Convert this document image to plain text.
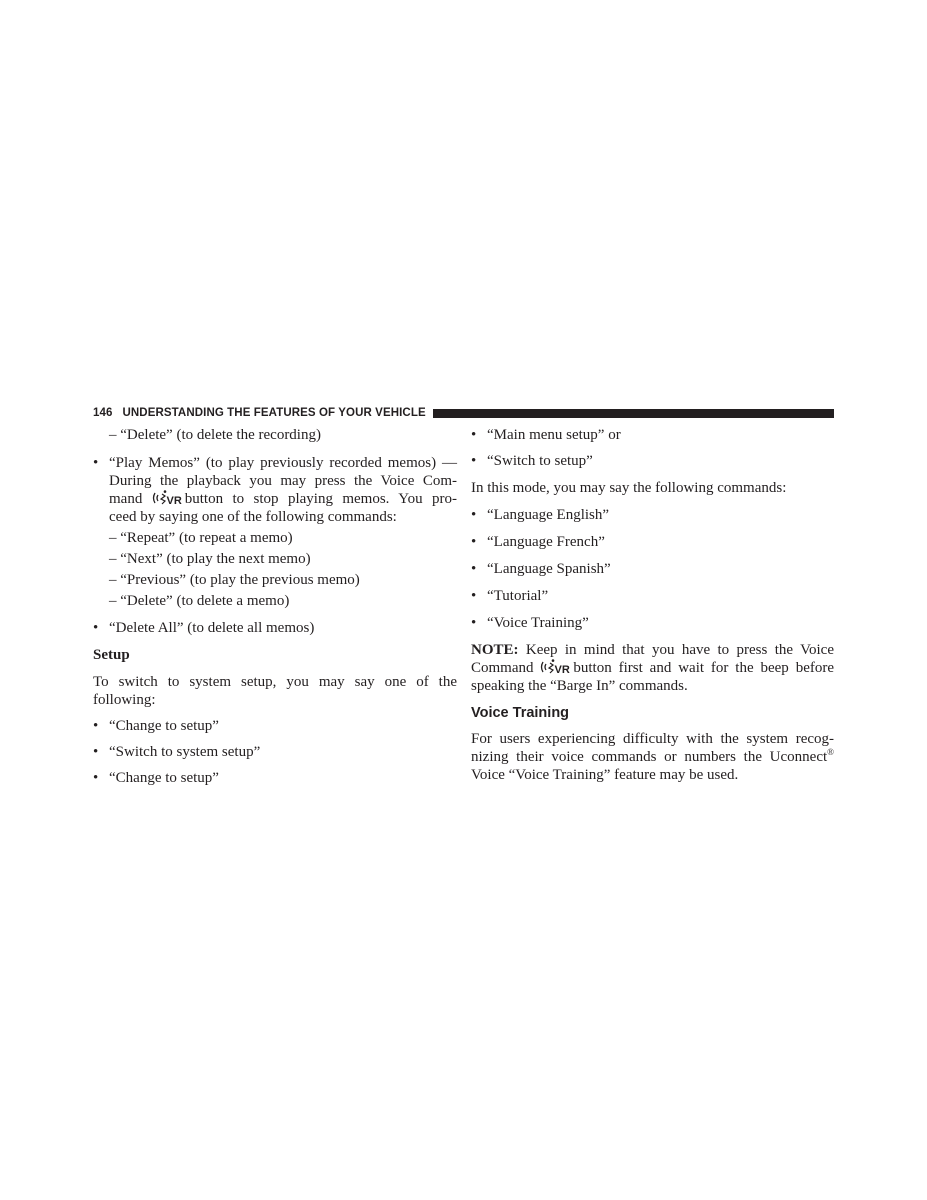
146 UNDERSTANDING THE FEATURES OF YOUR VEHICLE
– “Delete” (to delete the recording)
• “Play Memos” (to play previously recorded memos) —
During the playback you may press the Voice Com-
mand VR button to stop playing memos. You pro-
ceed by saying one of the following commands:
– “Repeat” (to repeat a memo)
– “Next” (to play the next memo)
– “Previous” (to play the previous memo)
– “Delete” (to delete a memo)
• “Delete All” (to delete all memos)
Setup
To switch to system setup, you may say one of the
following:
• “Change to setup”
• “Switch to system setup”
• “Change to setup”
• “Main menu setup” or
• “Switch to setup”
In this mode, you may say the following commands:
• “Language English”
• “Language French”
• “Language Spanish”
• “Tutorial”
• “Voice Training”
NOTE: Keep in mind that you have to press the Voice
Command VR button first and wait for the beep before
speaking the “Barge In” commands.
Voice Training
For users experiencing difficulty with the system recog-
nizing their voice commands or numbers the Uconnect®
Voice “Voice Training” feature may be used.
